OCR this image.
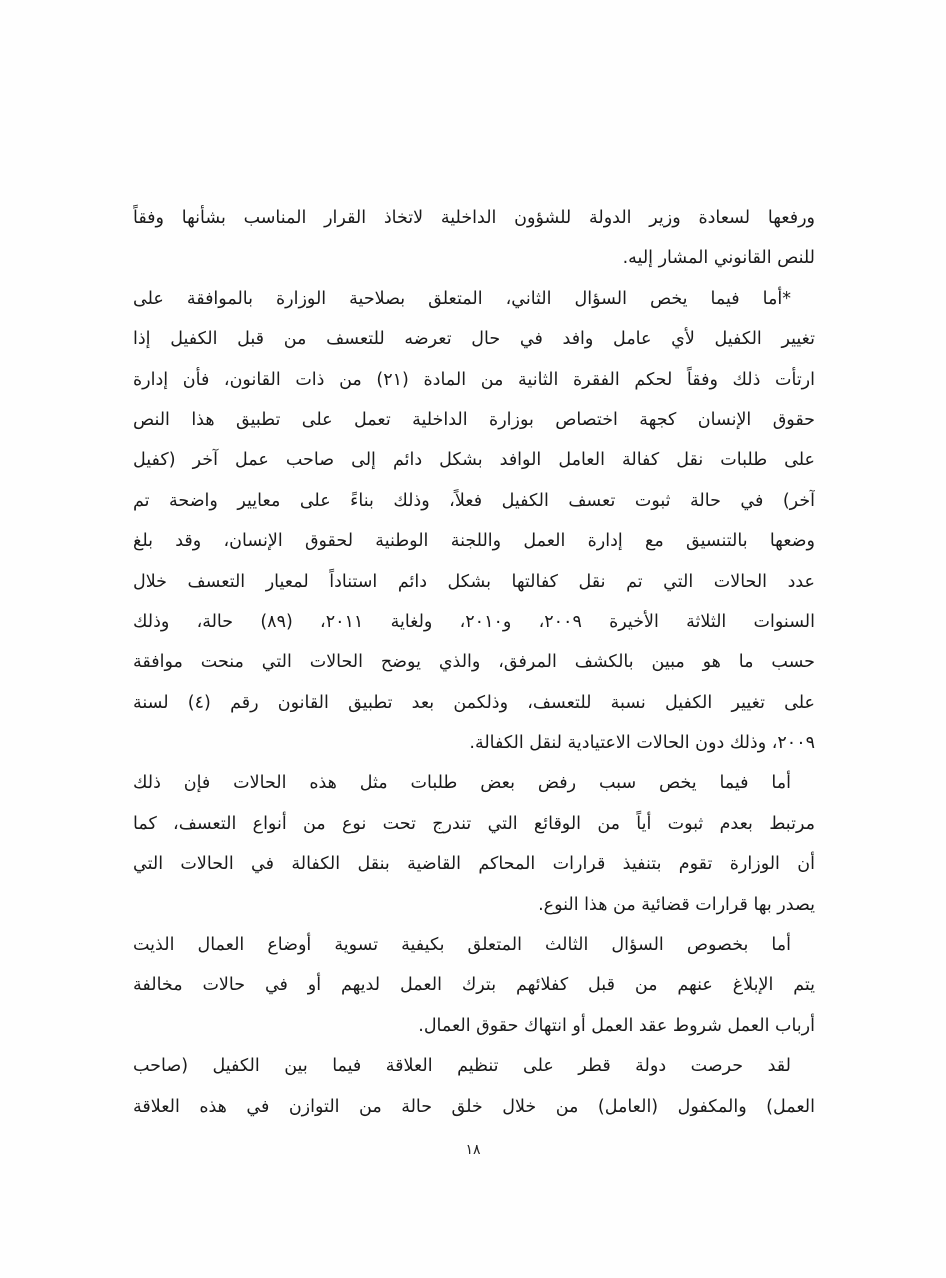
ورفعها لسعادة وزير الدولة للشؤون الداخلية لاتخاذ القرار المناسب بشأنها وفقاً
للنص القانوني المشار إليه.
*أما فيما يخص السؤال الثاني، المتعلق بصلاحية الوزارة بالموافقة على
تغيير الكفيل لأي عامل وافد في حال تعرضه للتعسف من قبل الكفيل إذا
ارتأت ذلك وفقاً لحكم الفقرة الثانية من المادة (٢١) من ذات القانون، فأن إدارة
حقوق الإنسان كجهة اختصاص بوزارة الداخلية تعمل على تطبيق هذا النص
على طلبات نقل كفالة العامل الوافد بشكل دائم إلى صاحب عمل آخر (كفيل
آخر) في حالة ثبوت تعسف الكفيل فعلاً، وذلك بناءً على معايير واضحة تم
وضعها بالتنسيق مع إدارة العمل واللجنة الوطنية لحقوق الإنسان، وقد بلغ
عدد الحالات التي تم نقل كفالتها بشكل دائم استناداً لمعيار التعسف خلال
السنوات الثلاثة الأخيرة ٢٠٠٩، و٢٠١٠، ولغاية ٢٠١١، (٨٩) حالة، وذلك
حسب ما هو مبين بالكشف المرفق، والذي يوضح الحالات التي منحت موافقة
على تغيير الكفيل نسبة للتعسف، وذلكمن بعد تطبيق القانون رقم (٤) لسنة
٢٠٠٩، وذلك دون الحالات الاعتيادية لنقل الكفالة.
أما فيما يخص سبب رفض بعض طلبات مثل هذه الحالات فإن ذلك
مرتبط بعدم ثبوت أياً من الوقائع التي تندرج تحت نوع من أنواع التعسف، كما
أن الوزارة تقوم بتنفيذ قرارات المحاكم القاضية بنقل الكفالة في الحالات التي
يصدر بها قرارات قضائية من هذا النوع.
أما بخصوص السؤال الثالث المتعلق بكيفية تسوية أوضاع العمال الذيت
يتم الإبلاغ عنهم من قبل كفلائهم بترك العمل لديهم أو في حالات مخالفة
أرباب العمل شروط عقد العمل أو انتهاك حقوق العمال.
لقد حرصت دولة قطر على تنظيم العلاقة فيما بين الكفيل (صاحب
العمل) والمكفول (العامل) من خلال خلق حالة من التوازن في هذه العلاقة
١٨
